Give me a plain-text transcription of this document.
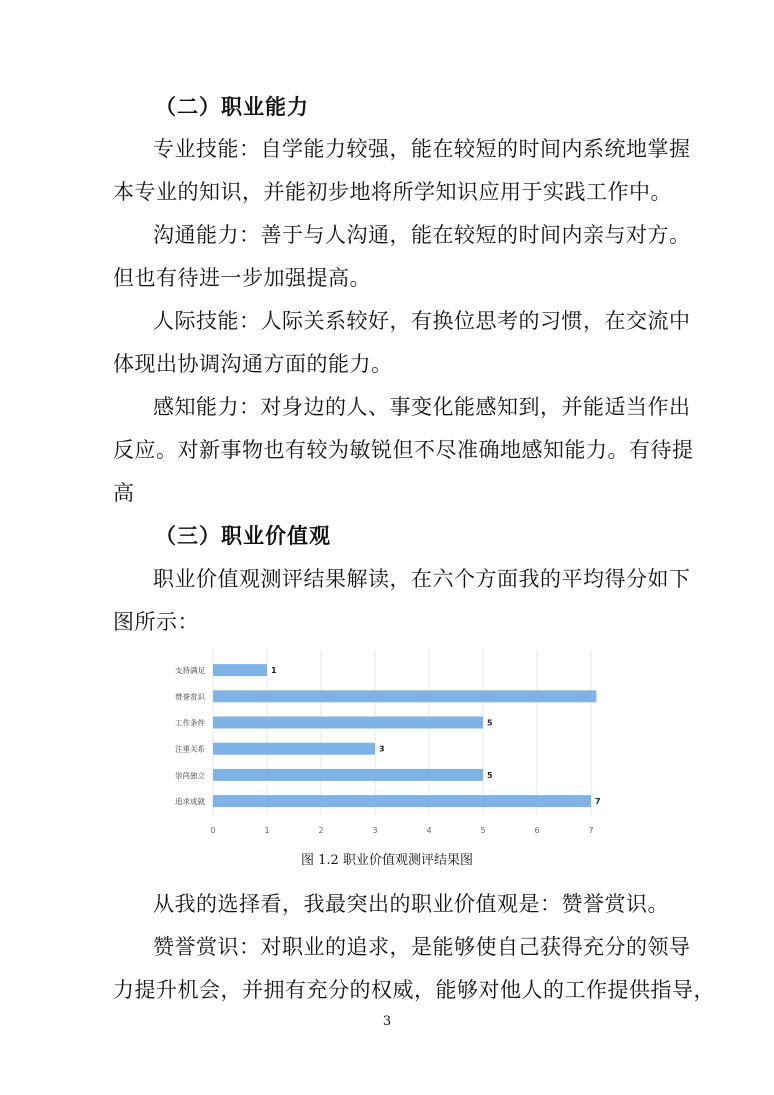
（二）职业能力
专业技能：自学能力较强，能在较短的时间内系统地掌握
本专业的知识，并能初步地将所学知识应用于实践工作中。
沟通能力：善于与人沟通，能在较短的时间内亲与对方。
但也有待进一步加强提高。
人际技能：人际关系较好，有换位思考的习惯，在交流中
体现出协调沟通方面的能力。
感知能力：对身边的人、事变化能感知到，并能适当作出
反应。对新事物也有较为敏锐但不尽准确地感知能力。有待提
高
（三）职业价值观
职业价值观测评结果解读，在六个方面我的平均得分如下
图所示：
0	1	2	3	4	5	6	7
支持满足	1
赞誉赏识
工作条件	5
注重关系	3
崇尚独立	5
追求成就	7
图 1.2 职业价值观测评结果图
从我的选择看，我最突出的职业价值观是：赞誉赏识。
赞誉赏识：对职业的追求，是能够使自己获得充分的领导
力提升机会，并拥有充分的权威，能够对他人的工作提供指导，
3
